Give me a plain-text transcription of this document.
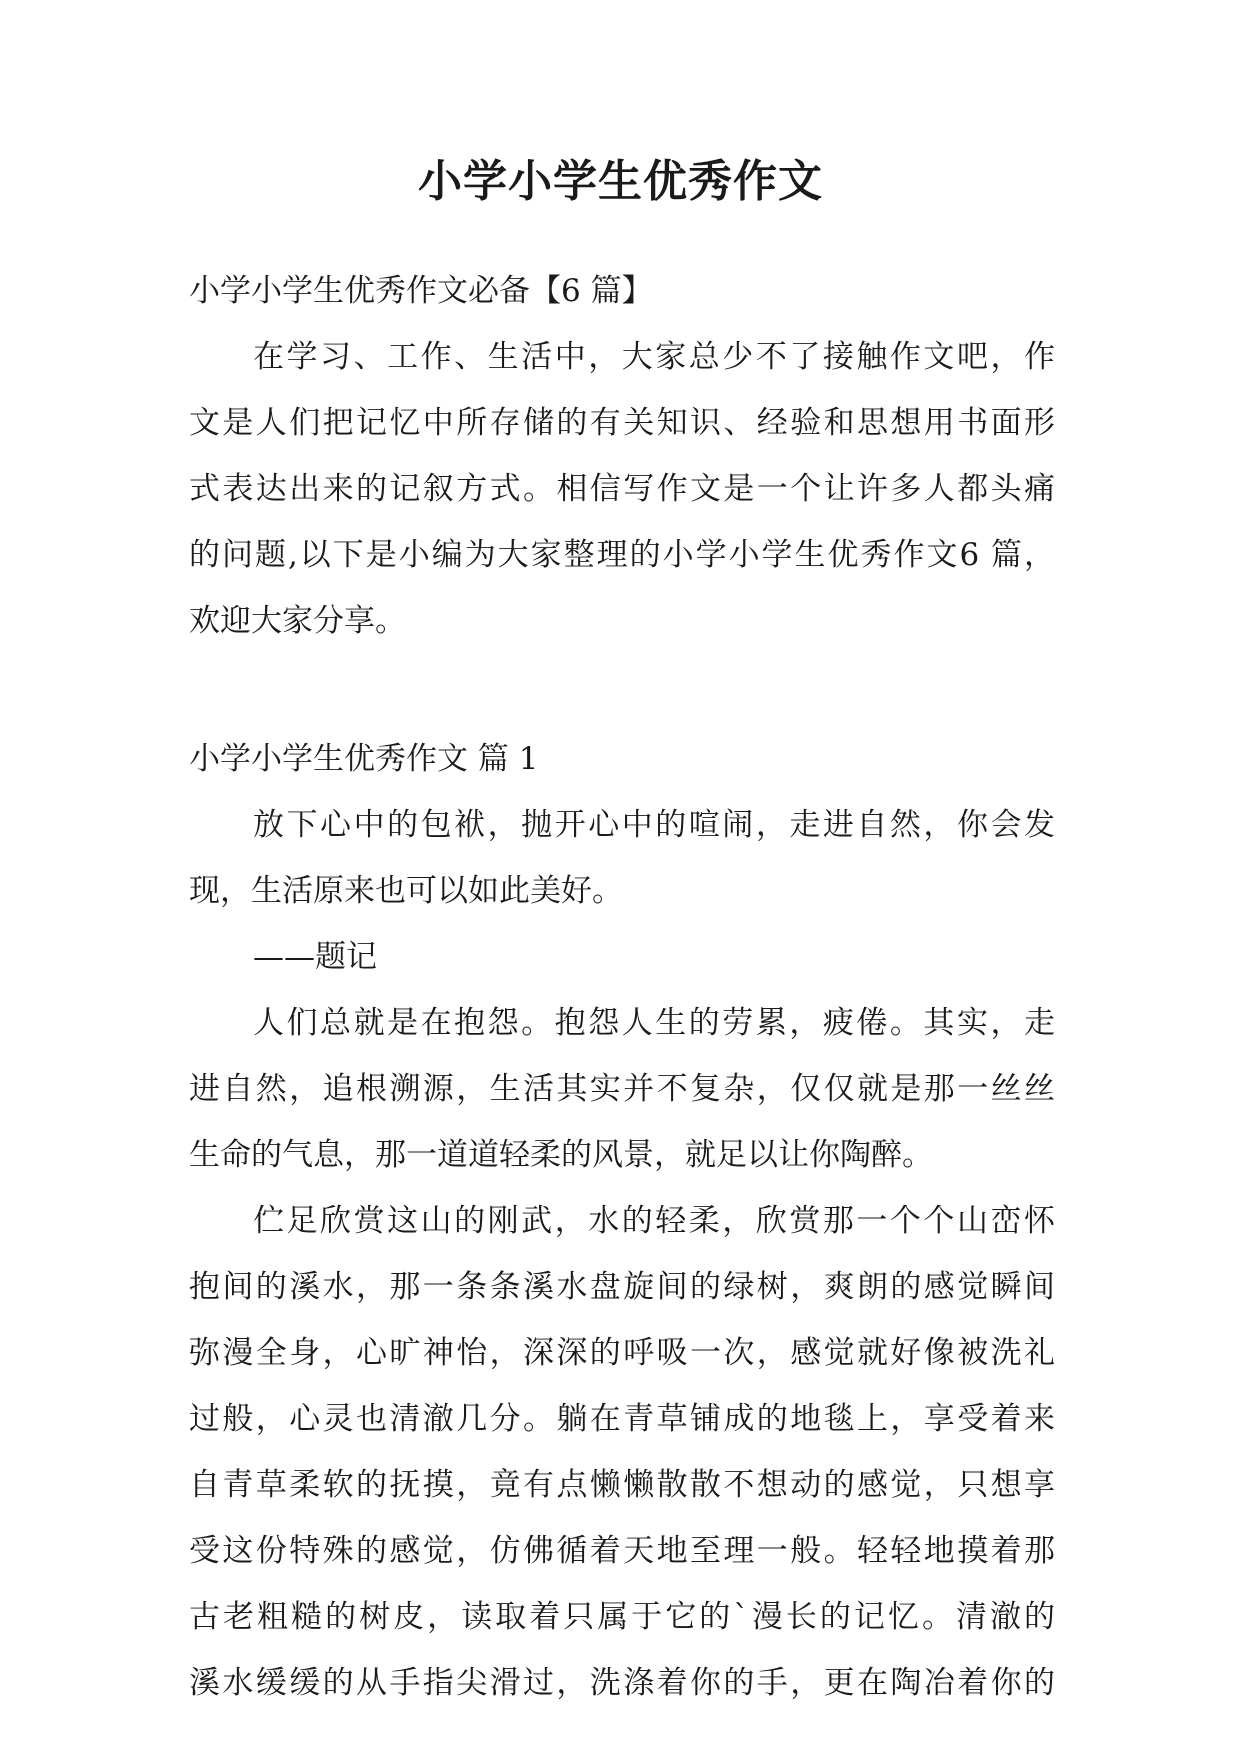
小学小学生优秀作文

小学小学生优秀作文必备【6 篇】

在学习、工作、生活中，大家总少不了接触作文吧，作

文是人们把记忆中所存储的有关知识、经验和思想用书面形

式表达出来的记叙方式。相信写作文是一个让许多人都头痛

的问题,以下是小编为大家整理的小学小学生优秀作文6 篇，

欢迎大家分享。

小学小学生优秀作文 篇 1

放下心中的包袱，抛开心中的喧闹，走进自然，你会发

现，生活原来也可以如此美好。

——题记

人们总就是在抱怨。抱怨人生的劳累，疲倦。其实，走

进自然，追根溯源，生活其实并不复杂，仅仅就是那一丝丝

生命的气息，那一道道轻柔的风景，就足以让你陶醉。

伫足欣赏这山的刚武，水的轻柔，欣赏那一个个山峦怀

抱间的溪水，那一条条溪水盘旋间的绿树，爽朗的感觉瞬间

弥漫全身，心旷神怡，深深的呼吸一次，感觉就好像被洗礼

过般，心灵也清澈几分。躺在青草铺成的地毯上，享受着来

自青草柔软的抚摸，竟有点懒懒散散不想动的感觉，只想享

受这份特殊的感觉，仿佛循着天地至理一般。轻轻地摸着那

古老粗糙的树皮，读取着只属于它的`漫长的记忆。清澈的

溪水缓缓的从手指尖滑过，洗涤着你的手，更在陶冶着你的
